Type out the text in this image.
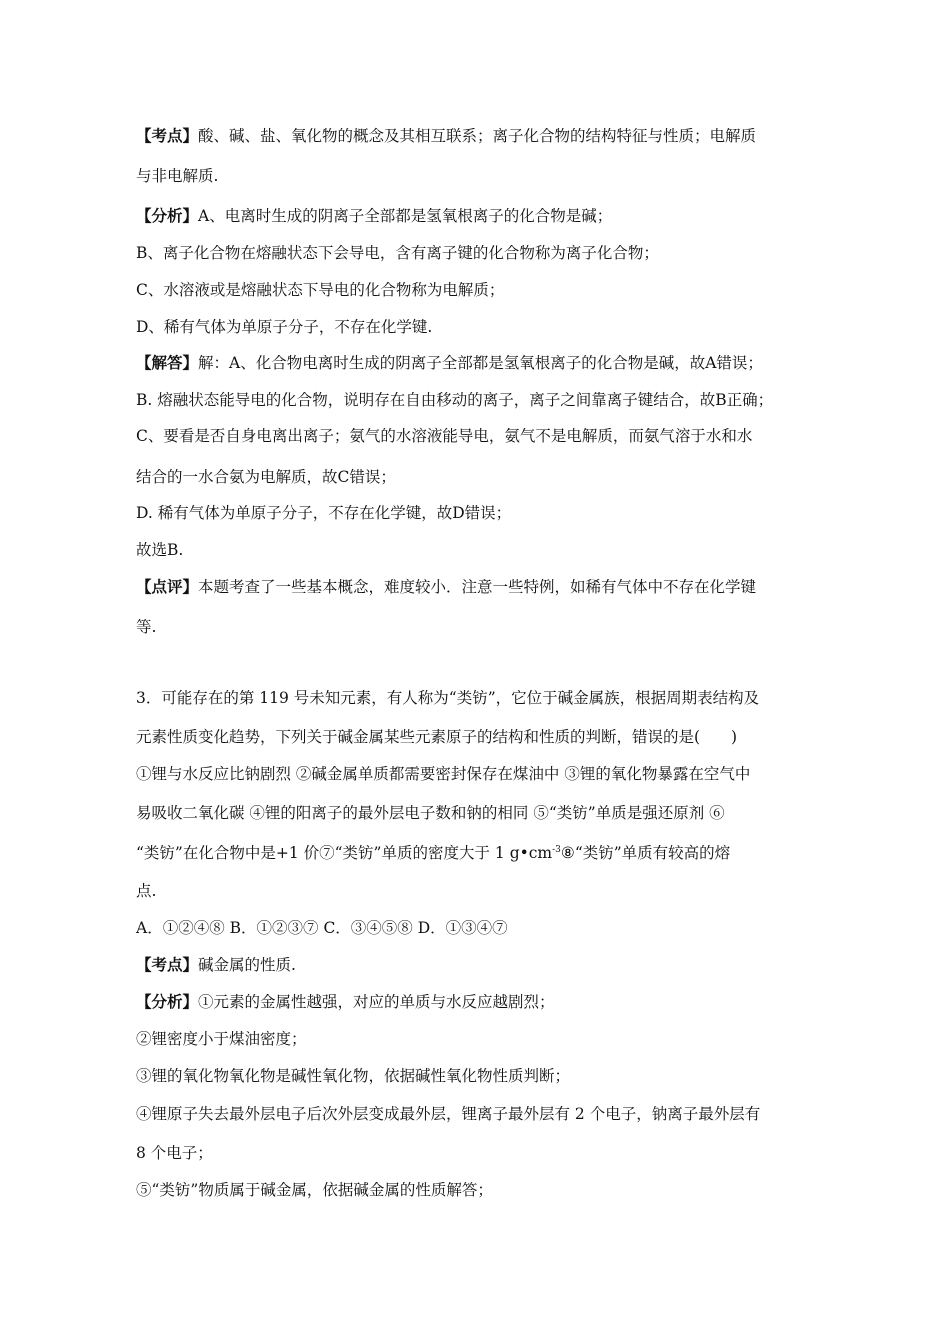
【考点】酸、碱、盐、氧化物的概念及其相互联系；离子化合物的结构特征与性质；电解质
与非电解质.
【分析】A、电离时生成的阴离子全部都是氢氧根离子的化合物是碱；
B、离子化合物在熔融状态下会导电，含有离子键的化合物称为离子化合物；
C、水溶液或是熔融状态下导电的化合物称为电解质；
D、稀有气体为单原子分子，不存在化学键.
【解答】解：A、化合物电离时生成的阴离子全部都是氢氧根离子的化合物是碱，故A错误；
B. 熔融状态能导电的化合物，说明存在自由移动的离子，离子之间靠离子键结合，故B正确；
C、要看是否自身电离出离子；氨气的水溶液能导电，氨气不是电解质，而氨气溶于水和水
结合的一水合氨为电解质，故C错误；
D. 稀有气体为单原子分子，不存在化学键，故D错误；
故选B.
【点评】本题考查了一些基本概念，难度较小．注意一些特例，如稀有气体中不存在化学键
等.
3．可能存在的第 119 号未知元素，有人称为“类钫”，它位于碱金属族，根据周期表结构及
元素性质变化趋势，下列关于碱金属某些元素原子的结构和性质的判断，错误的是(　　)
①锂与水反应比钠剧烈 ②碱金属单质都需要密封保存在煤油中 ③锂的氧化物暴露在空气中
易吸收二氧化碳 ④锂的阳离子的最外层电子数和钠的相同 ⑤“类钫”单质是强还原剂 ⑥
“类钫”在化合物中是+1 价⑦“类钫”单质的密度大于 1 $g•cm^{-3}⑧“$类钫”单质有较高的熔
点.
A．①②④⑧ B．①②③⑦ C．③④⑤⑧ D．①③④⑦
【考点】碱金属的性质.
【分析】①元素的金属性越强，对应的单质与水反应越剧烈；
②锂密度小于煤油密度；
③锂的氧化物氧化物是碱性氧化物，依据碱性氧化物性质判断；
④锂原子失去最外层电子后次外层变成最外层，锂离子最外层有 2 个电子，钠离子最外层有
8 个电子；
⑤“类钫”物质属于碱金属，依据碱金属的性质解答；
